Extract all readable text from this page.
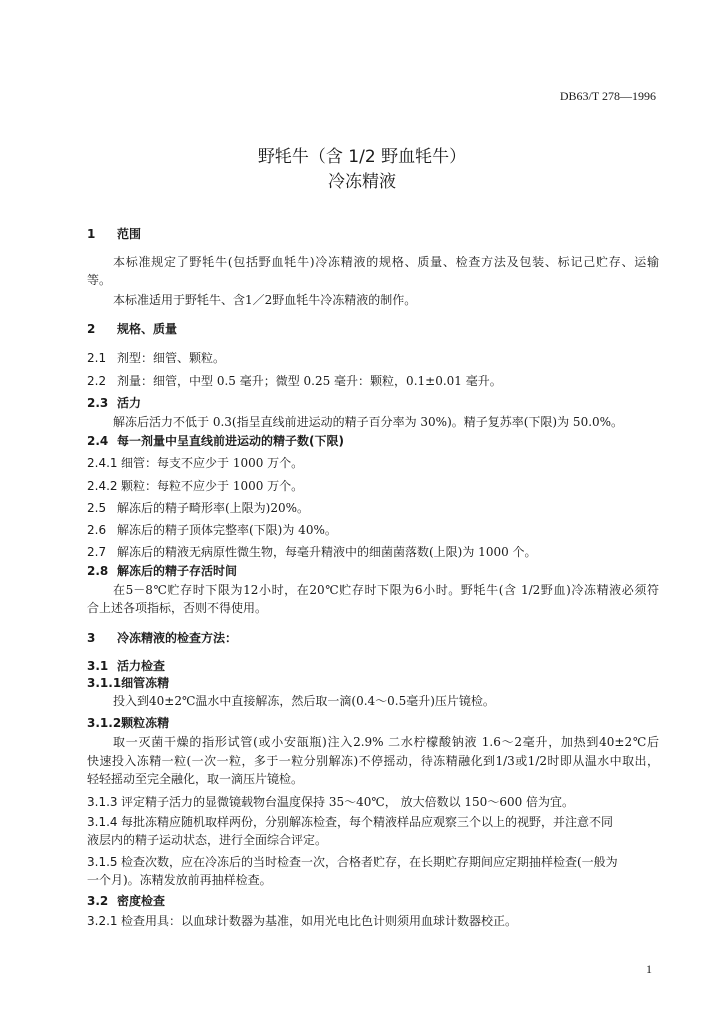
DB63/T 278—1996
野牦牛（含 1/2 野血牦牛）
冷冻精液
1 范围
本标准规定了野牦牛(包括野血牦牛)冷冻精液的规格、质量、检查方法及包装、标记己贮存、运输
等。
本标准适用于野牦牛、含1／2野血牦牛冷冻精液的制作。
2 规格、质量
2.1 剂型：细管、颗粒。
2.2 剂量：细管，中型 0.5 毫升；微型 0.25 毫升：颗粒，0.1±0.01 毫升。
2.3 活力
解冻后活力不低于 0.3(指呈直线前进运动的精子百分率为 30%)。精子复苏率(下限)为 50.0%。
2.4 每一剂量中呈直线前进运动的精子数(下限)
2.4.1 细管：每支不应少于 1000 万个。
2.4.2 颗粒：每粒不应少于 1000 万个。
2.5 解冻后的精子畸形率(上限为)20%。
2.6 解冻后的精子顶体完整率(下限)为 40%。
2.7 解冻后的精液无病原性微生物，每毫升精液中的细菌菌落数(上限)为 1000 个。
2.8 解冻后的精子存活时间
在5－8℃贮存时下限为12小时，在20℃贮存时下限为6小时。野牦牛(含 1/2野血)冷冻精液必须符
合上述各项指标，否则不得使用。
3 冷冻精液的检查方法：
3.1 活力检查
3.1.1细管冻精
投入到40±2℃温水中直接解冻，然后取一滴(0.4～0.5毫升)压片镜检。
3.1.2颗粒冻精
取一灭菌干燥的指形试管(或小安瓿瓶)注入2.9% 二水柠檬酸钠液 1.6～2毫升，加热到40±2℃后
快速投入冻精一粒(一次一粒，多于一粒分别解冻)不停摇动，待冻精融化到1/3或1/2时即从温水中取出，
轻轻摇动至完全融化，取一滴压片镜检。
3.1.3 评定精子活力的显微镜载物台温度保持 35～40℃， 放大倍数以 150～600 倍为宜。
3.1.4 每批冻精应随机取样两份，分别解冻检查，每个精液样品应观察三个以上的视野，并注意不同
液层内的精子运动状态，进行全面综合评定。
3.1.5 检查次数，应在冷冻后的当时检查一次，合格者贮存，在长期贮存期间应定期抽样检查(一般为
一个月)。冻精发放前再抽样检查。
3.2 密度检查
3.2.1 检查用具：以血球计数器为基准，如用光电比色计则须用血球计数器校正。
1
